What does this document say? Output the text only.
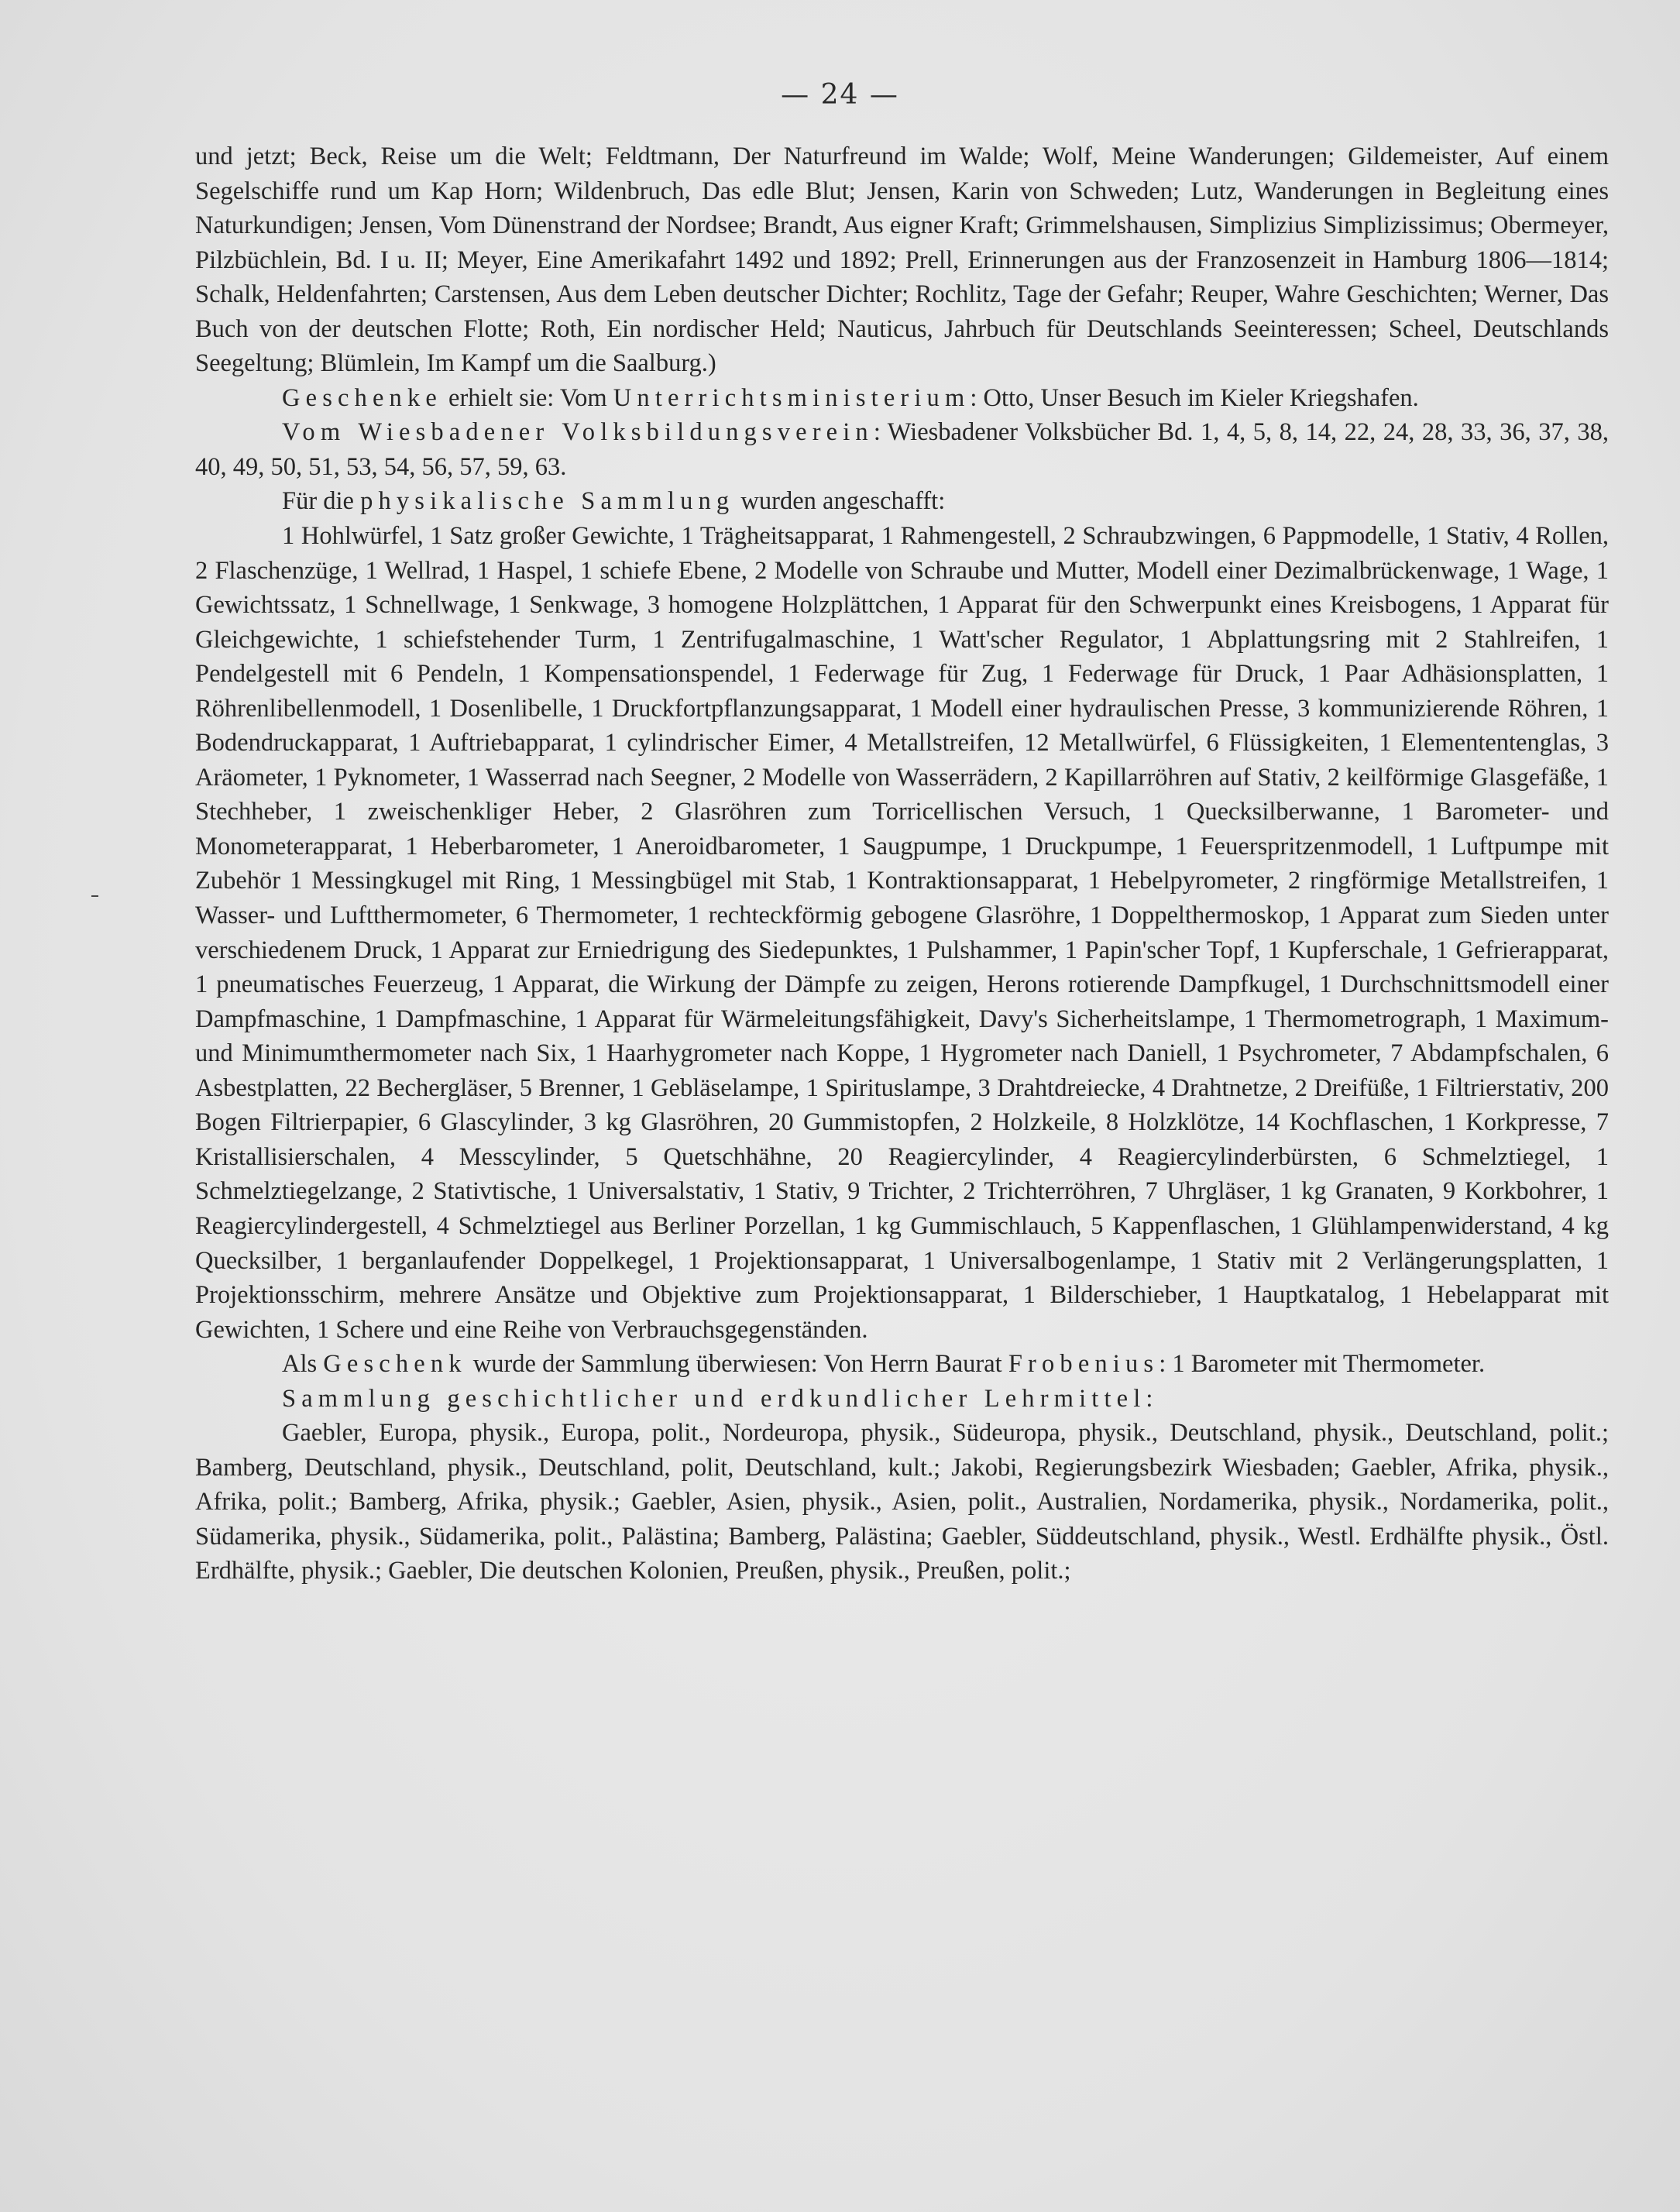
— 24 —

und jetzt; Beck, Reise um die Welt; Feldtmann, Der Naturfreund im Walde; Wolf, Meine Wanderungen; Gildemeister, Auf einem Segelschiffe rund um Kap Horn; Wildenbruch, Das edle Blut; Jensen, Karin von Schweden; Lutz, Wanderungen in Begleitung eines Naturkundigen; Jensen, Vom Dünenstrand der Nordsee; Brandt, Aus eigner Kraft; Grimmelshausen, Simplizius Simplizissimus; Obermeyer, Pilzbüchlein, Bd. I u. II; Meyer, Eine Amerikafahrt 1492 und 1892; Prell, Erinnerungen aus der Franzosenzeit in Hamburg 1806—1814; Schalk, Heldenfahrten; Carstensen, Aus dem Leben deutscher Dichter; Rochlitz, Tage der Gefahr; Reuper, Wahre Geschichten; Werner, Das Buch von der deutschen Flotte; Roth, Ein nordischer Held; Nauticus, Jahrbuch für Deutschlands Seeinteressen; Scheel, Deutschlands Seegeltung; Blümlein, Im Kampf um die Saalburg.)

Geschenke erhielt sie: Vom Unterrichtsministerium: Otto, Unser Besuch im Kieler Kriegshafen.

Vom Wiesbadener Volksbildungsverein: Wiesbadener Volksbücher Bd. 1, 4, 5, 8, 14, 22, 24, 28, 33, 36, 37, 38, 40, 49, 50, 51, 53, 54, 56, 57, 59, 63.

Für die physikalische Sammlung wurden angeschafft:

1 Hohlwürfel, 1 Satz großer Gewichte, 1 Trägheitsapparat, 1 Rahmengestell, 2 Schraubzwingen, 6 Pappmodelle, 1 Stativ, 4 Rollen, 2 Flaschenzüge, 1 Wellrad, 1 Haspel, 1 schiefe Ebene, 2 Modelle von Schraube und Mutter, Modell einer Dezimalbrückenwage, 1 Wage, 1 Gewichtssatz, 1 Schnellwage, 1 Senkwage, 3 homogene Holzplättchen, 1 Apparat für den Schwerpunkt eines Kreisbogens, 1 Apparat für Gleichgewichte, 1 schiefstehender Turm, 1 Zentrifugalmaschine, 1 Watt'scher Regulator, 1 Abplattungsring mit 2 Stahlreifen, 1 Pendelgestell mit 6 Pendeln, 1 Kompensationspendel, 1 Federwage für Zug, 1 Federwage für Druck, 1 Paar Adhäsionsplatten, 1 Röhrenlibellenmodell, 1 Dosenlibelle, 1 Druckfortpflanzungsapparat, 1 Modell einer hydraulischen Presse, 3 kommunizierende Röhren, 1 Bodendruckapparat, 1 Auftriebapparat, 1 cylindrischer Eimer, 4 Metallstreifen, 12 Metallwürfel, 6 Flüssigkeiten, 1 Elemententenglas, 3 Aräometer, 1 Pyknometer, 1 Wasserrad nach Seegner, 2 Modelle von Wasserrädern, 2 Kapillarröhren auf Stativ, 2 keilförmige Glasgefäße, 1 Stechheber, 1 zweischenkliger Heber, 2 Glasröhren zum Torricellischen Versuch, 1 Quecksilberwanne, 1 Barometer- und Monometerapparat, 1 Heberbarometer, 1 Aneroidbarometer, 1 Saugpumpe, 1 Druckpumpe, 1 Feuerspritzenmodell, 1 Luftpumpe mit Zubehör 1 Messingkugel mit Ring, 1 Messingbügel mit Stab, 1 Kontraktionsapparat, 1 Hebelpyrometer, 2 ringförmige Metallstreifen, 1 Wasser- und Luftthermometer, 6 Thermometer, 1 rechteckförmig gebogene Glasröhre, 1 Doppelthermoskop, 1 Apparat zum Sieden unter verschiedenem Druck, 1 Apparat zur Erniedrigung des Siedepunktes, 1 Pulshammer, 1 Papin'scher Topf, 1 Kupferschale, 1 Gefrierapparat, 1 pneumatisches Feuerzeug, 1 Apparat, die Wirkung der Dämpfe zu zeigen, Herons rotierende Dampfkugel, 1 Durchschnittsmodell einer Dampfmaschine, 1 Dampfmaschine, 1 Apparat für Wärmeleitungsfähigkeit, Davy's Sicherheitslampe, 1 Thermometrograph, 1 Maximum- und Minimumthermometer nach Six, 1 Haarhygrometer nach Koppe, 1 Hygrometer nach Daniell, 1 Psychrometer, 7 Abdampfschalen, 6 Asbestplatten, 22 Bechergläser, 5 Brenner, 1 Gebläselampe, 1 Spirituslampe, 3 Drahtdreiecke, 4 Drahtnetze, 2 Dreifüße, 1 Filtrierstativ, 200 Bogen Filtrierpapier, 6 Glascylinder, 3 kg Glasröhren, 20 Gummistopfen, 2 Holzkeile, 8 Holzklötze, 14 Kochflaschen, 1 Korkpresse, 7 Kristallisierschalen, 4 Messcylinder, 5 Quetschhähne, 20 Reagiercylinder, 4 Reagiercylinderbürsten, 6 Schmelztiegel, 1 Schmelztiegelzange, 2 Stativtische, 1 Universalstativ, 1 Stativ, 9 Trichter, 2 Trichterröhren, 7 Uhrgläser, 1 kg Granaten, 9 Korkbohrer, 1 Reagiercylindergestell, 4 Schmelztiegel aus Berliner Porzellan, 1 kg Gummischlauch, 5 Kappenflaschen, 1 Glühlampenwiderstand, 4 kg Quecksilber, 1 berganlaufender Doppelkegel, 1 Projektionsapparat, 1 Universalbogenlampe, 1 Stativ mit 2 Verlängerungsplatten, 1 Projektionsschirm, mehrere Ansätze und Objektive zum Projektionsapparat, 1 Bilderschieber, 1 Hauptkatalog, 1 Hebelapparat mit Gewichten, 1 Schere und eine Reihe von Verbrauchsgegenständen.

Als Geschenk wurde der Sammlung überwiesen: Von Herrn Baurat Frobenius: 1 Barometer mit Thermometer.

Sammlung geschichtlicher und erdkundlicher Lehrmittel:

Gaebler, Europa, physik., Europa, polit., Nordeuropa, physik., Südeuropa, physik., Deutschland, physik., Deutschland, polit.; Bamberg, Deutschland, physik., Deutschland, polit, Deutschland, kult.; Jakobi, Regierungsbezirk Wiesbaden; Gaebler, Afrika, physik., Afrika, polit.; Bamberg, Afrika, physik.; Gaebler, Asien, physik., Asien, polit., Australien, Nordamerika, physik., Nordamerika, polit., Südamerika, physik., Südamerika, polit., Palästina; Bamberg, Palästina; Gaebler, Süddeutschland, physik., Westl. Erdhälfte physik., Östl. Erdhälfte, physik.; Gaebler, Die deutschen Kolonien, Preußen, physik., Preußen, polit.;
